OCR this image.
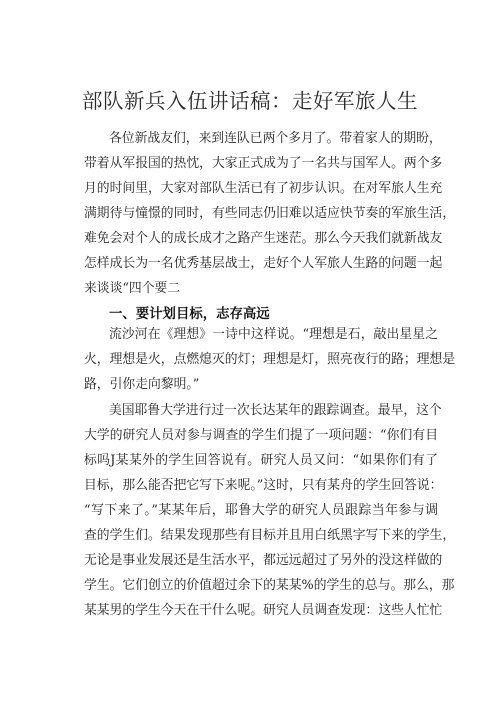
部队新兵入伍讲话稿：走好军旅人生
各位新战友们，来到连队已两个多月了。带着家人的期盼，
带着从军报国的热忱，大家正式成为了一名共与国军人。两个多
月的时间里，大家对部队生活已有了初步认识。在对军旅人生充
满期待与憧憬的同时，有些同志仍旧难以适应快节奏的军旅生活，
难免会对个人的成长成才之路产生迷茫。那么今天我们就新战友
怎样成长为一名优秀基层战士，走好个人军旅人生路的问题一起
来谈谈“四个要二
一、要计划目标，志存高远
流沙河在《理想》一诗中这样说。“理想是石，敲出星星之
火，理想是火，点燃熄灭的灯；理想是灯，照亮夜行的路；理想是
路，引你走向黎明。”
美国耶鲁大学进行过一次长达某年的跟踪调查。最早，这个
大学的研究人员对参与调查的学生们提了一项问题：“你们有目
标吗J某某外的学生回答说有。研究人员又问：“如果你们有了
目标，那么能否把它写下来呢。”这时，只有某舟的学生回答说：
“写下来了。”某某年后，耶鲁大学的研究人员跟踪当年参与调
查的学生们。结果发现那些有目标并且用白纸黑字写下来的学生，
无论是事业发展还是生活水平，都远远超过了另外的没这样做的
学生。它们创立的价值超过余下的某某%的学生的总与。那么，那
某某男的学生今天在干什么呢。研究人员调查发现：这些人忙忙
